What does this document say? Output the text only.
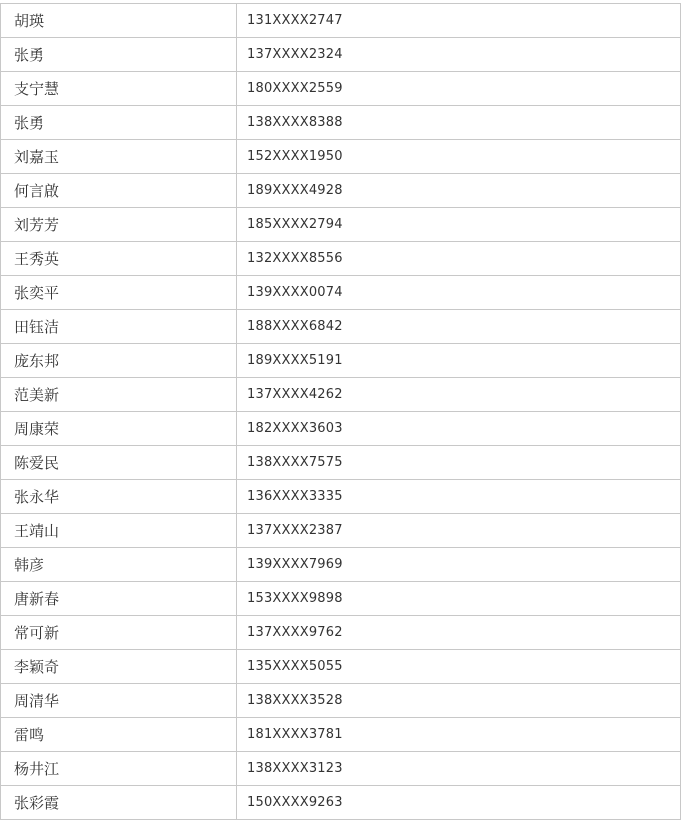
胡瑛	131XXXX2747
张勇	137XXXX2324
支宁慧	180XXXX2559
张勇	138XXXX8388
刘嘉玉	152XXXX1950
何言啟	189XXXX4928
刘芳芳	185XXXX2794
王秀英	132XXXX8556
张奕平	139XXXX0074
田钰洁	188XXXX6842
庞东邦	189XXXX5191
范美新	137XXXX4262
周康荣	182XXXX3603
陈爱民	138XXXX7575
张永华	136XXXX3335
王靖山	137XXXX2387
韩彦	139XXXX7969
唐新春	153XXXX9898
常可新	137XXXX9762
李颖奇	135XXXX5055
周清华	138XXXX3528
雷鸣	181XXXX3781
杨井江	138XXXX3123
张彩霞	150XXXX9263
